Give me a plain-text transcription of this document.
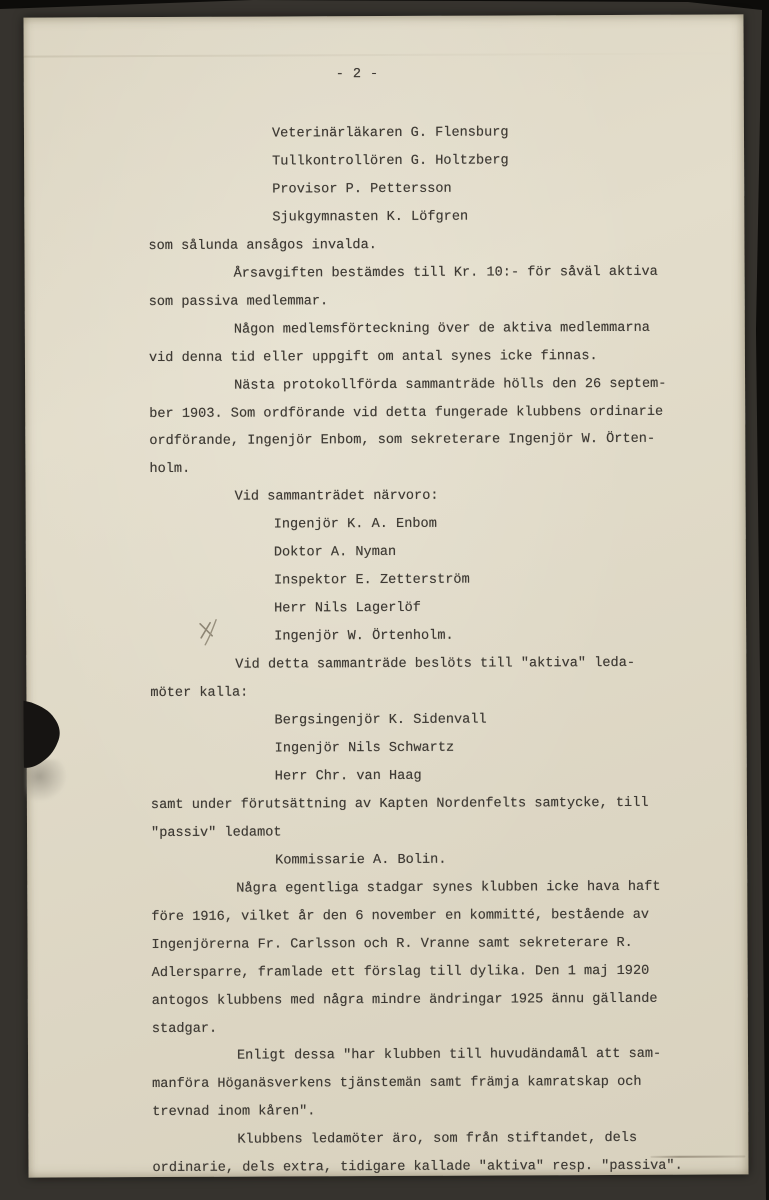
- 2 -
Veterinärläkaren G. Flensburg
Tullkontrollören G. Holtzberg
Provisor P. Pettersson
Sjukgymnasten K. Löfgren
som sålunda ansågos invalda.
Årsavgiften bestämdes till Kr. 10:- för såväl aktiva
som passiva medlemmar.
Någon medlemsförteckning över de aktiva medlemmarna
vid denna tid eller uppgift om antal synes icke finnas.
Nästa protokollförda sammanträde hölls den 26 septem-
ber 1903. Som ordförande vid detta fungerade klubbens ordinarie
ordförande, Ingenjör Enbom, som sekreterare Ingenjör W. Örten-
holm.
Vid sammanträdet närvoro:
Ingenjör K. A. Enbom
Doktor A. Nyman
Inspektor E. Zetterström
Herr Nils Lagerlöf
Ingenjör W. Örtenholm.
Vid detta sammanträde beslöts till "aktiva" leda-
möter kalla:
Bergsingenjör K. Sidenvall
Ingenjör Nils Schwartz
Herr Chr. van Haag
samt under förutsättning av Kapten Nordenfelts samtycke, till
"passiv" ledamot
Kommissarie A. Bolin.
Några egentliga stadgar synes klubben icke hava haft
före 1916, vilket år den 6 november en kommitté, bestående av
Ingenjörerna Fr. Carlsson och R. Vranne samt sekreterare R.
Adlersparre, framlade ett förslag till dylika. Den 1 maj 1920
antogos klubbens med några mindre ändringar 1925 ännu gällande
stadgar.
Enligt dessa "har klubben till huvudändamål att sam-
manföra Höganäsverkens tjänstemän samt främja kamratskap och
trevnad inom kåren".
Klubbens ledamöter äro, som från stiftandet, dels
ordinarie, dels extra, tidigare kallade "aktiva" resp. "passiva".
